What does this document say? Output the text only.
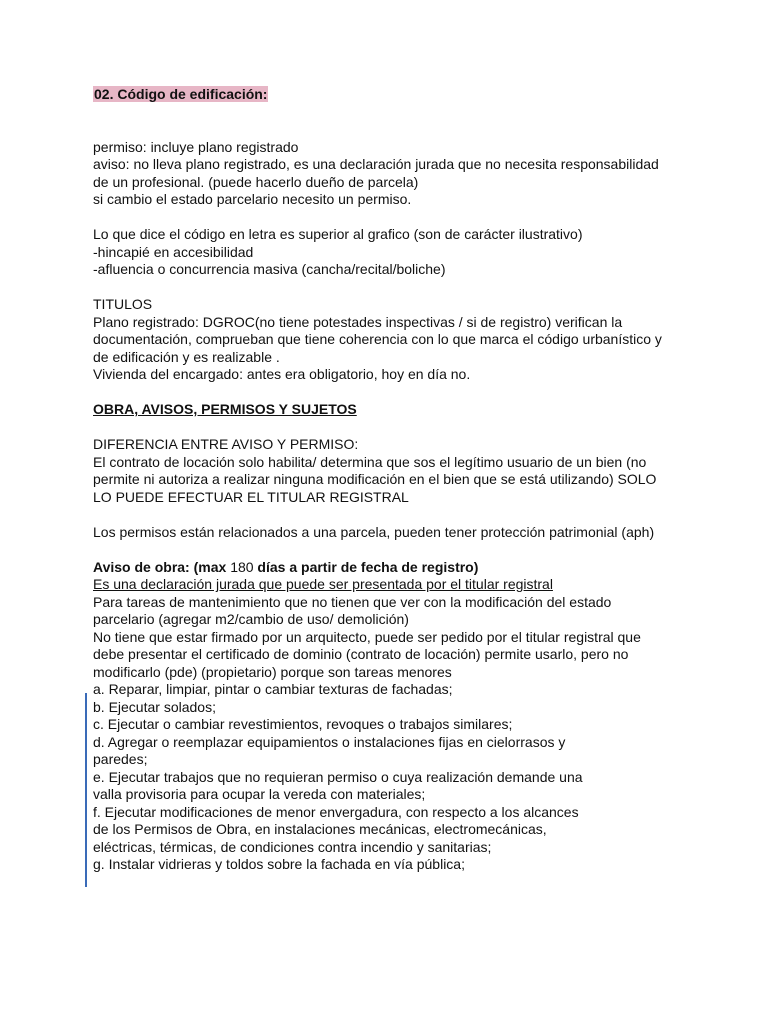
02. Código de edificación:
permiso: incluye plano registrado
aviso: no lleva plano registrado, es una declaración jurada que no necesita responsabilidad
de un profesional. (puede hacerlo dueño de parcela)
si cambio el estado parcelario necesito un permiso.
Lo que dice el código en letra es superior al grafico (son de carácter ilustrativo)
-hincapié en accesibilidad
-afluencia o concurrencia masiva (cancha/recital/boliche)
TITULOS
Plano registrado: DGROC(no tiene potestades inspectivas / si de registro) verifican la
documentación, comprueban que tiene coherencia con lo que marca el código urbanístico y
de edificación y es realizable .
Vivienda del encargado: antes era obligatorio, hoy en día no.
OBRA, AVISOS, PERMISOS Y SUJETOS
DIFERENCIA ENTRE AVISO Y PERMISO:
El contrato de locación solo habilita/ determina que sos el legítimo usuario de un bien (no
permite ni autoriza a realizar ninguna modificación en el bien que se está utilizando) SOLO
LO PUEDE EFECTUAR EL TITULAR REGISTRAL
Los permisos están relacionados a una parcela, pueden tener protección patrimonial (aph)
Aviso de obra: (max 180 días a partir de fecha de registro)
Es una declaración jurada que puede ser presentada por el titular registral
Para tareas de mantenimiento que no tienen que ver con la modificación del estado
parcelario (agregar m2/cambio de uso/ demolición)
No tiene que estar firmado por un arquitecto, puede ser pedido por el titular registral que
debe presentar el certificado de dominio (contrato de locación) permite usarlo, pero no
modificarlo (pde) (propietario) porque son tareas menores
a. Reparar, limpiar, pintar o cambiar texturas de fachadas;
b. Ejecutar solados;
c. Ejecutar o cambiar revestimientos, revoques o trabajos similares;
d. Agregar o reemplazar equipamientos o instalaciones fijas en cielorrasos y
paredes;
e. Ejecutar trabajos que no requieran permiso o cuya realización demande una
valla provisoria para ocupar la vereda con materiales;
f. Ejecutar modificaciones de menor envergadura, con respecto a los alcances
de los Permisos de Obra, en instalaciones mecánicas, electromecánicas,
eléctricas, térmicas, de condiciones contra incendio y sanitarias;
g. Instalar vidrieras y toldos sobre la fachada en vía pública;
